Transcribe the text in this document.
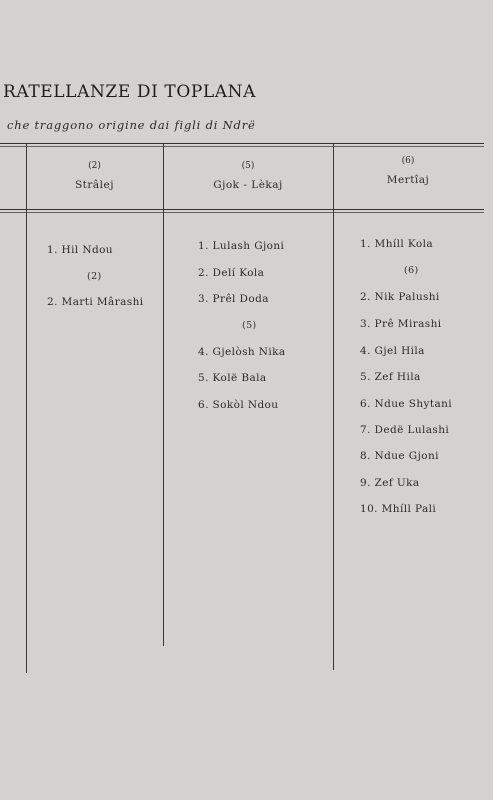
RATELLANZE DI TOPLANA

che traggono origine dai figli di Ndrë

(2)
Strâlej
(5)
Gjok - Lèkaj
(6)
Mertîaj
1. Hil Ndou
(2)
2. Marti Mârashi
1. Lulash Gjoni
2. Delí Kola
3. Prêl Doda
(5)
4. Gjelòsh Nika
5. Kolë Bala
6. Sokòl Ndou
1. Mhíll Kola
(6)
2. Nik Palushi
3. Prê Mirashi
4. Gjel Hila
5. Zef Hila
6. Ndue Shytani
7. Dedë Lulashi
8. Ndue Gjoni
9. Zef Uka
10. Mhíll Pali
